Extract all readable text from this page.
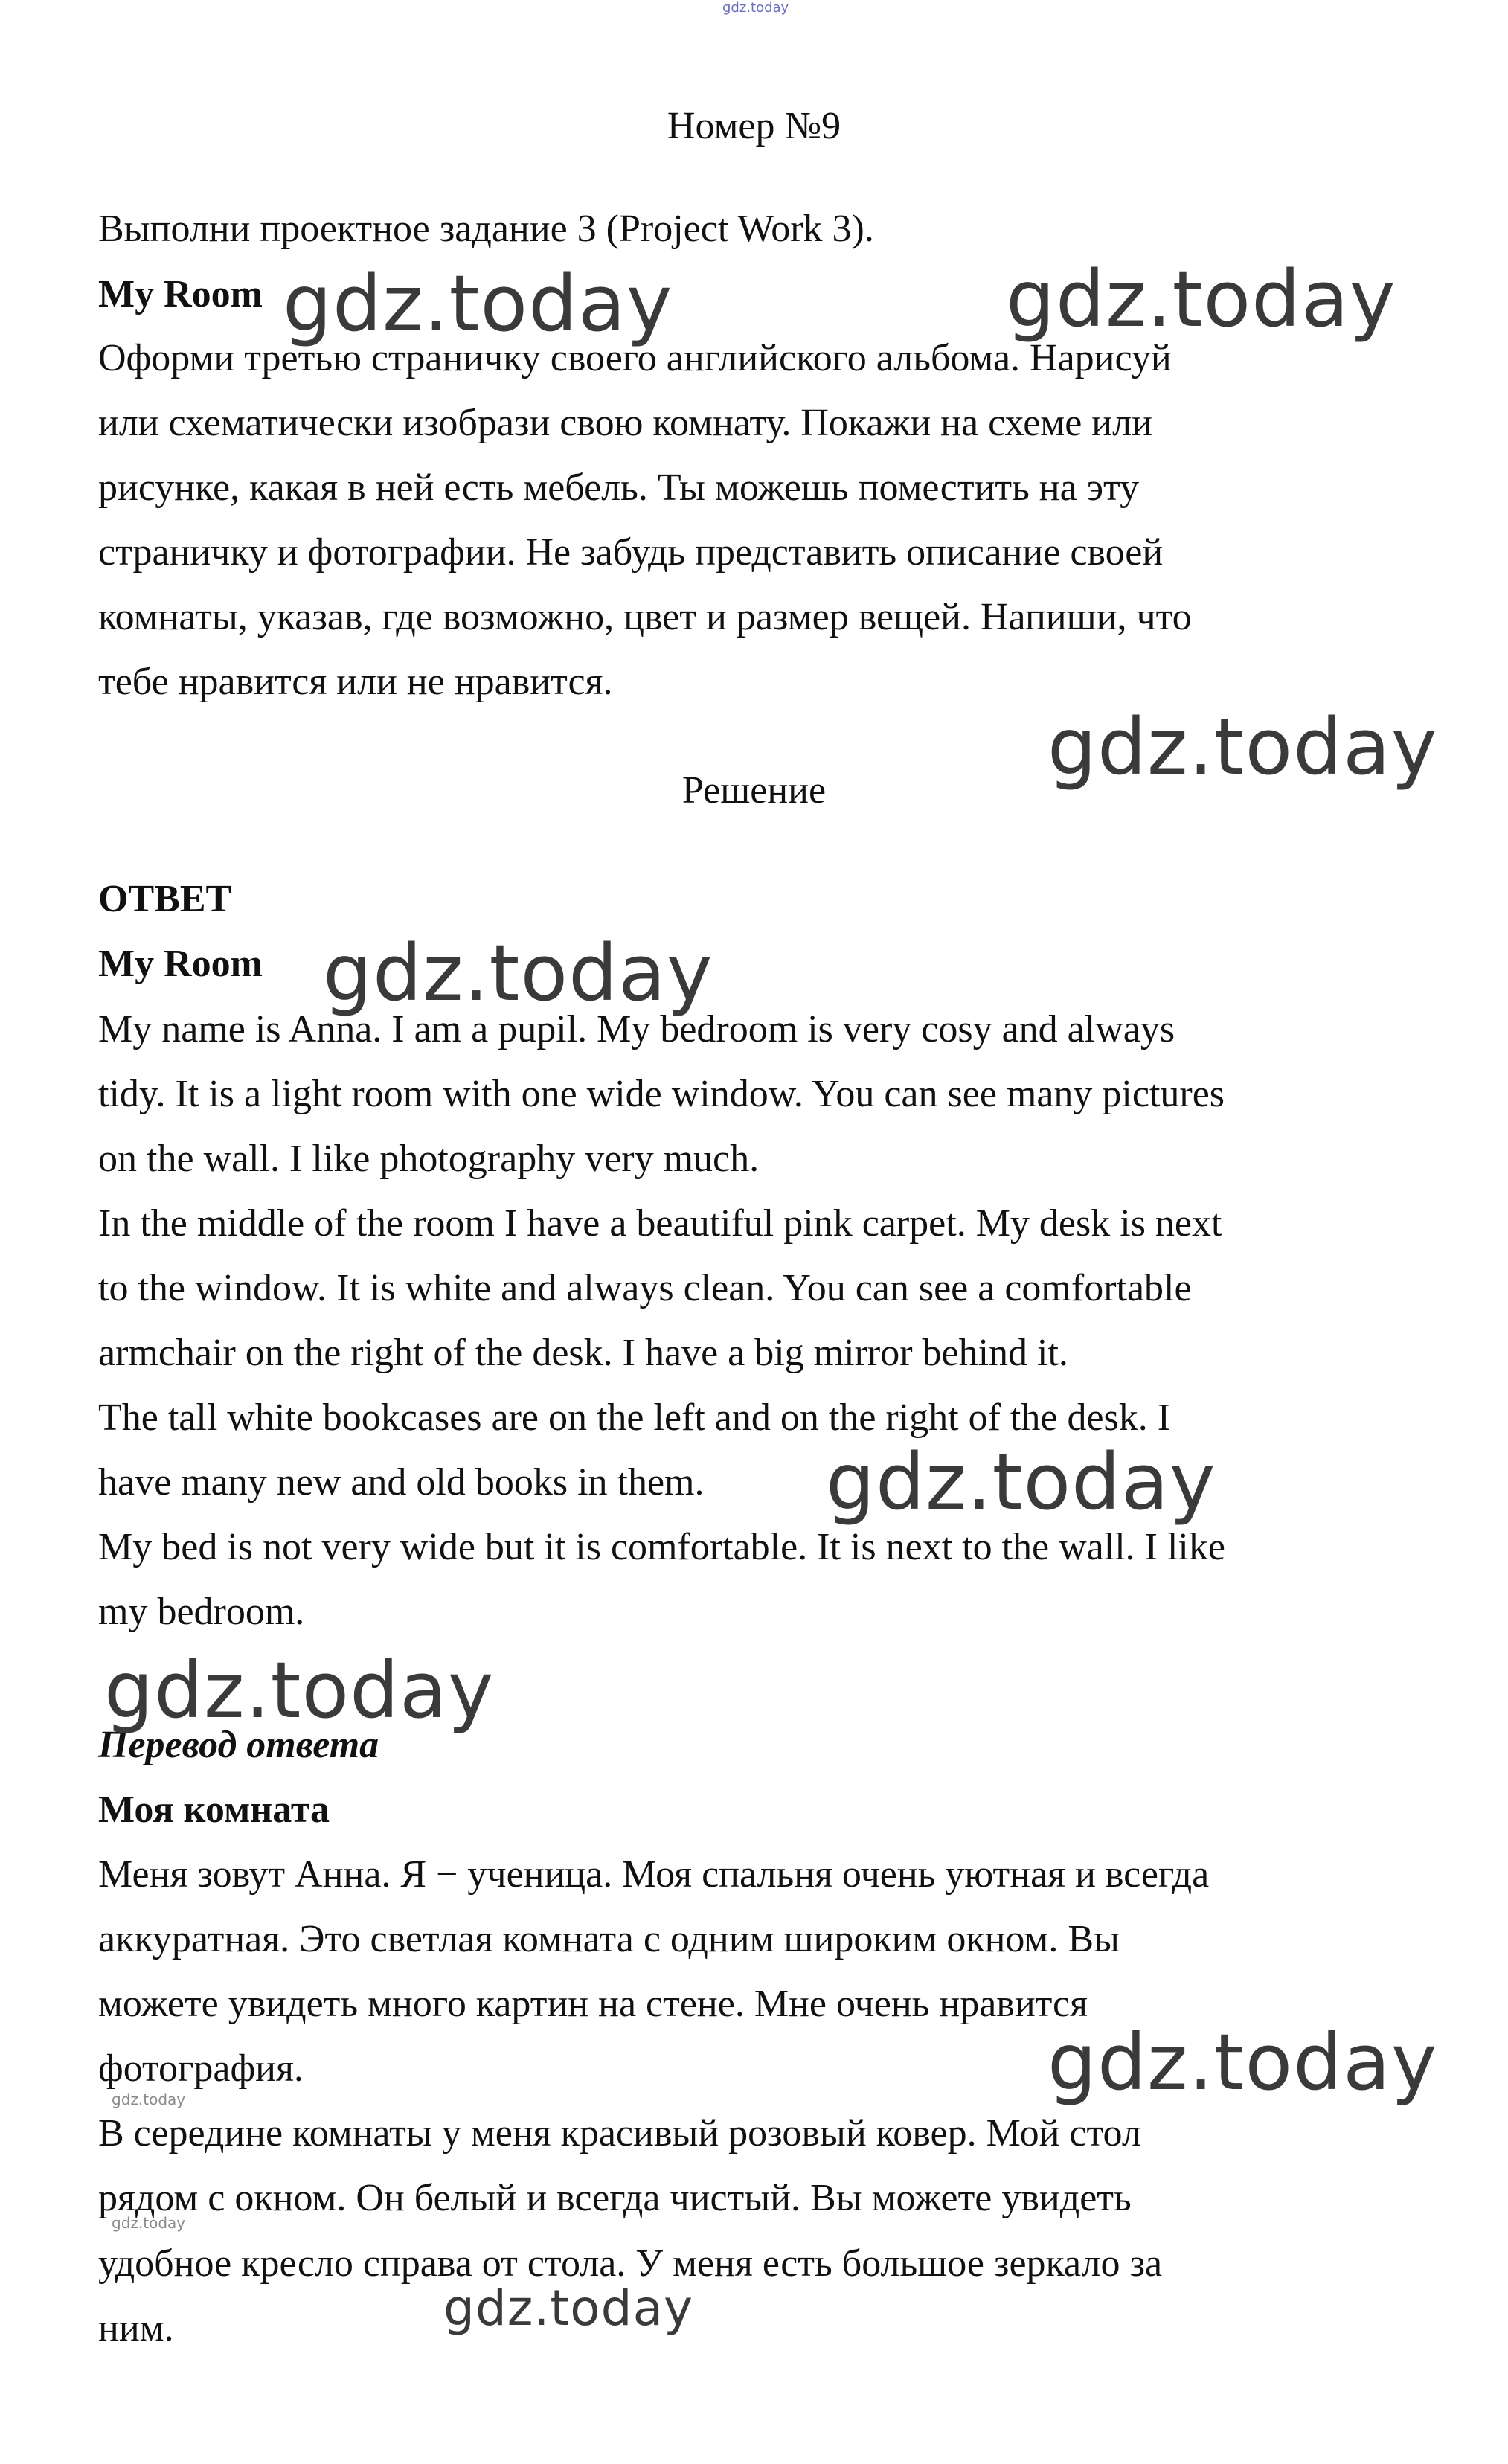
gdz.today
Номер №9
Выполни проектное задание 3 (Project Work 3).
My Room
Оформи третью страничку своего английского альбома. Нарисуй
или схематически изобрази свою комнату. Покажи на схеме или
рисунке, какая в ней есть мебель. Ты можешь поместить на эту
страничку и фотографии. Не забудь представить описание своей
комнаты, указав, где возможно, цвет и размер вещей. Напиши, что
тебе нравится или не нравится.
Решение
ОТВЕТ
My Room
My name is Anna. I am a pupil. My bedroom is very cosy and always
tidy. It is a light room with one wide window. You can see many pictures
on the wall. I like photography very much.
In the middle of the room I have a beautiful pink carpet. My desk is next
to the window. It is white and always clean. You can see a comfortable
armchair on the right of the desk. I have a big mirror behind it.
The tall white bookcases are on the left and on the right of the desk. I
have many new and old books in them.
My bed is not very wide but it is comfortable. It is next to the wall. I like
my bedroom.
Перевод ответа
Моя комната
Меня зовут Анна. Я − ученица. Моя спальня очень уютная и всегда
аккуратная. Это светлая комната с одним широким окном. Вы
можете увидеть много картин на стене. Мне очень нравится
фотография.
В середине комнаты у меня красивый розовый ковер. Мой стол
рядом с окном. Он белый и всегда чистый. Вы можете увидеть
удобное кресло справа от стола. У меня есть большое зеркало за
ним.
gdz.today	gdz.today
gdz.today
gdz.today
gdz.today
gdz.today
gdz.today
gdz.today
gdz.today
gdz.today
